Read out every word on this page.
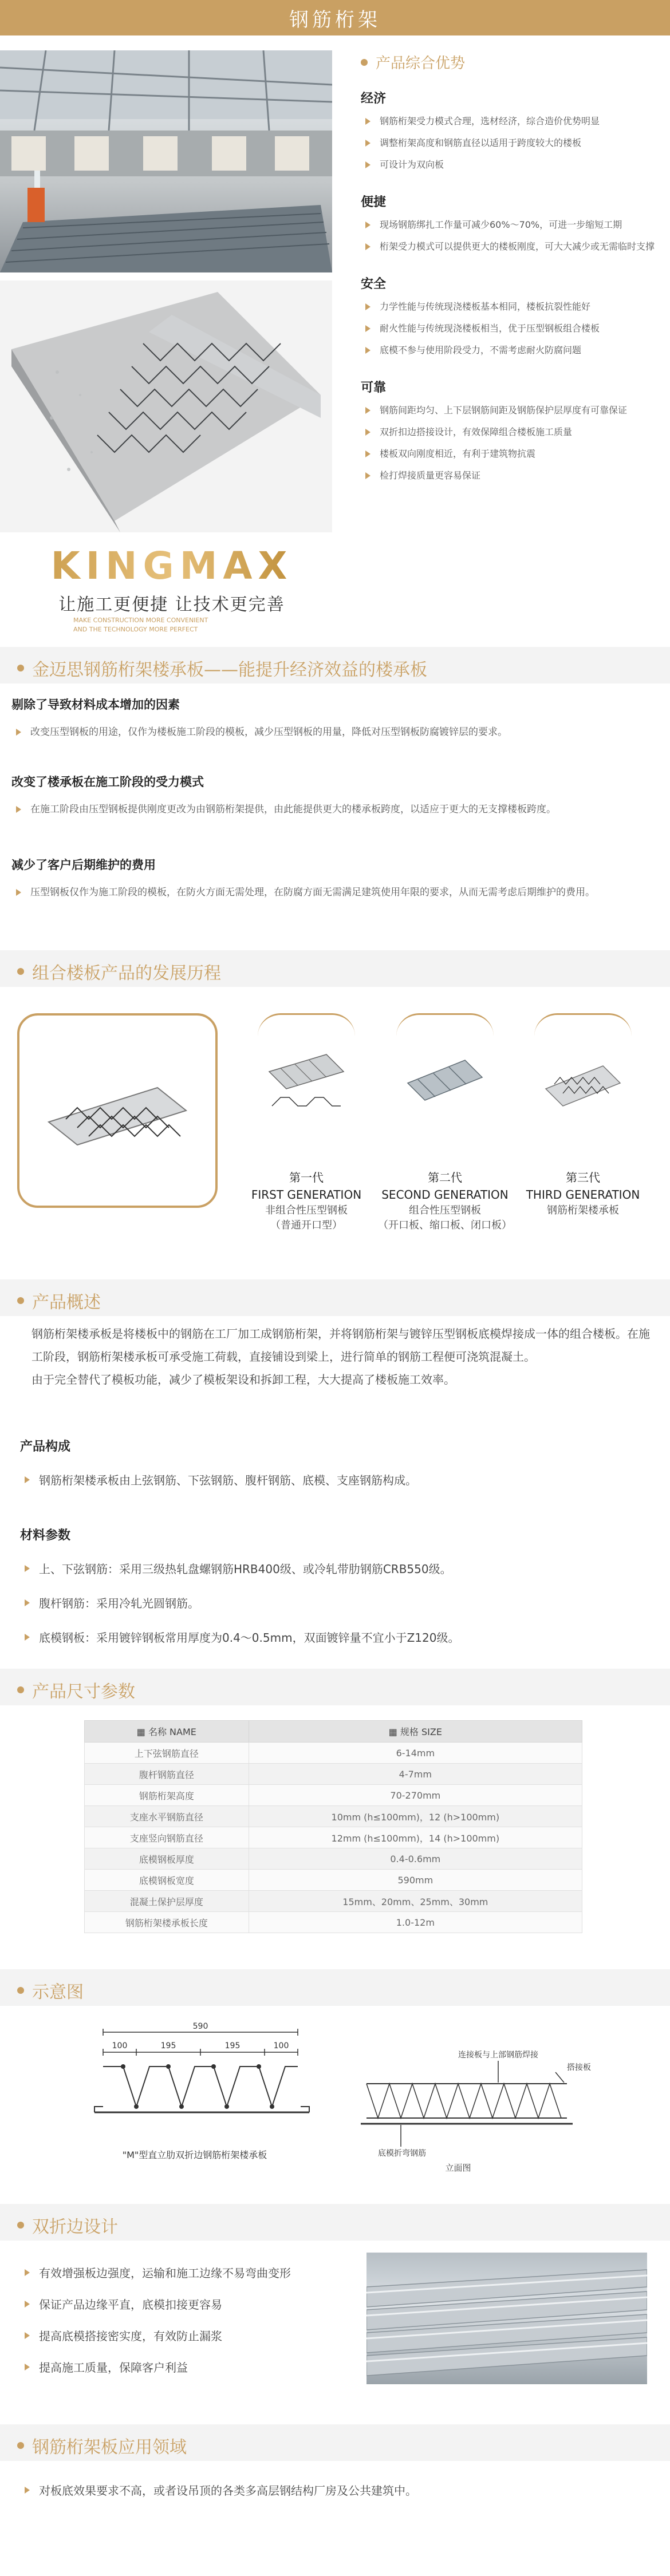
钢筋桁架
KINGMAX
让施工更便捷 让技术更完善
MAKE CONSTRUCTION MORE CONVENIENT
AND THE TECHNOLOGY MORE PERFECT
产品综合优势
经济
钢筋桁架受力模式合理，选材经济，综合造价优势明显
调整桁架高度和钢筋直径以适用于跨度较大的楼板
可设计为双向板
便捷
现场钢筋绑扎工作量可减少60%～70%，可进一步缩短工期
桁架受力模式可以提供更大的楼板刚度，可大大减少或无需临时支撑
安全
力学性能与传统现浇楼板基本相同，楼板抗裂性能好
耐火性能与传统现浇楼板相当，优于压型钢板组合楼板
底模不参与使用阶段受力，不需考虑耐火防腐问题
可靠
钢筋间距均匀、上下层钢筋间距及钢筋保护层厚度有可靠保证
双折扣边搭接设计，有效保障组合楼板施工质量
楼板双向刚度相近，有利于建筑物抗震
检打焊接质量更容易保证
金迈思钢筋桁架楼承板——能提升经济效益的楼承板
剔除了导致材料成本增加的因素
改变压型钢板的用途，仅作为楼板施工阶段的模板，减少压型钢板的用量，降低对压型钢板防腐镀锌层的要求。
改变了楼承板在施工阶段的受力模式
在施工阶段由压型钢板提供刚度更改为由钢筋桁架提供，由此能提供更大的楼承板跨度，以适应于更大的无支撑楼板跨度。
减少了客户后期维护的费用
压型钢板仅作为施工阶段的模板，在防火方面无需处理，在防腐方面无需满足建筑使用年限的要求，从而无需考虑后期维护的费用。
组合楼板产品的发展历程
第一代
FIRST GENERATION
非组合性压型钢板
（普通开口型）
第二代
SECOND GENERATION
组合性压型钢板
（开口板、缩口板、闭口板）
第三代
THIRD GENERATION
钢筋桁架楼承板
产品概述

钢筋桁架楼承板是将楼板中的钢筋在工厂加工成钢筋桁架，并将钢筋桁架与镀锌压型钢板底模焊接成一体的组合楼板。在施工阶段，钢筋桁架楼承板可承受施工荷载，直接铺设到梁上，进行简单的钢筋工程便可浇筑混凝土。

由于完全替代了模板功能，减少了模板架设和拆卸工程，大大提高了楼板施工效率。

产品构成
钢筋桁架楼承板由上弦钢筋、下弦钢筋、腹杆钢筋、底模、支座钢筋构成。
材料参数
上、下弦钢筋：采用三级热轧盘螺钢筋HRB400级、或冷轧带肋钢筋CRB550级。
腹杆钢筋：采用冷轧光圆钢筋。
底模钢板：采用镀锌钢板常用厚度为0.4～0.5mm，双面镀锌量不宜小于Z120级。
产品尺寸参数
▦ 名称 NAME	▦ 规格 SIZE
上下弦钢筋直径	6-14mm
腹杆钢筋直径	4-7mm
钢筋桁架高度	70-270mm
支座水平钢筋直径	10mm (h≤100mm)，12 (h>100mm)
支座竖向钢筋直径	12mm (h≤100mm)，14 (h>100mm)
底模钢板厚度	0.4-0.6mm
底模钢板宽度	590mm
混凝土保护层厚度	15mm、20mm、25mm、30mm
钢筋桁架楼承板长度	1.0-12m
示意图
590
100	195	195	100
"M"型直立肋双折边钢筋桁架楼承板
连接板与上部钢筋焊接
搭接板
底模折弯钢筋
立面图
双折边设计
有效增强板边强度，运输和施工边缘不易弯曲变形
保证产品边缘平直，底模扣接更容易
提高底模搭接密实度，有效防止漏浆
提高施工质量，保障客户利益
钢筋桁架板应用领域
对板底效果要求不高，或者设吊顶的各类多高层钢结构厂房及公共建筑中。
